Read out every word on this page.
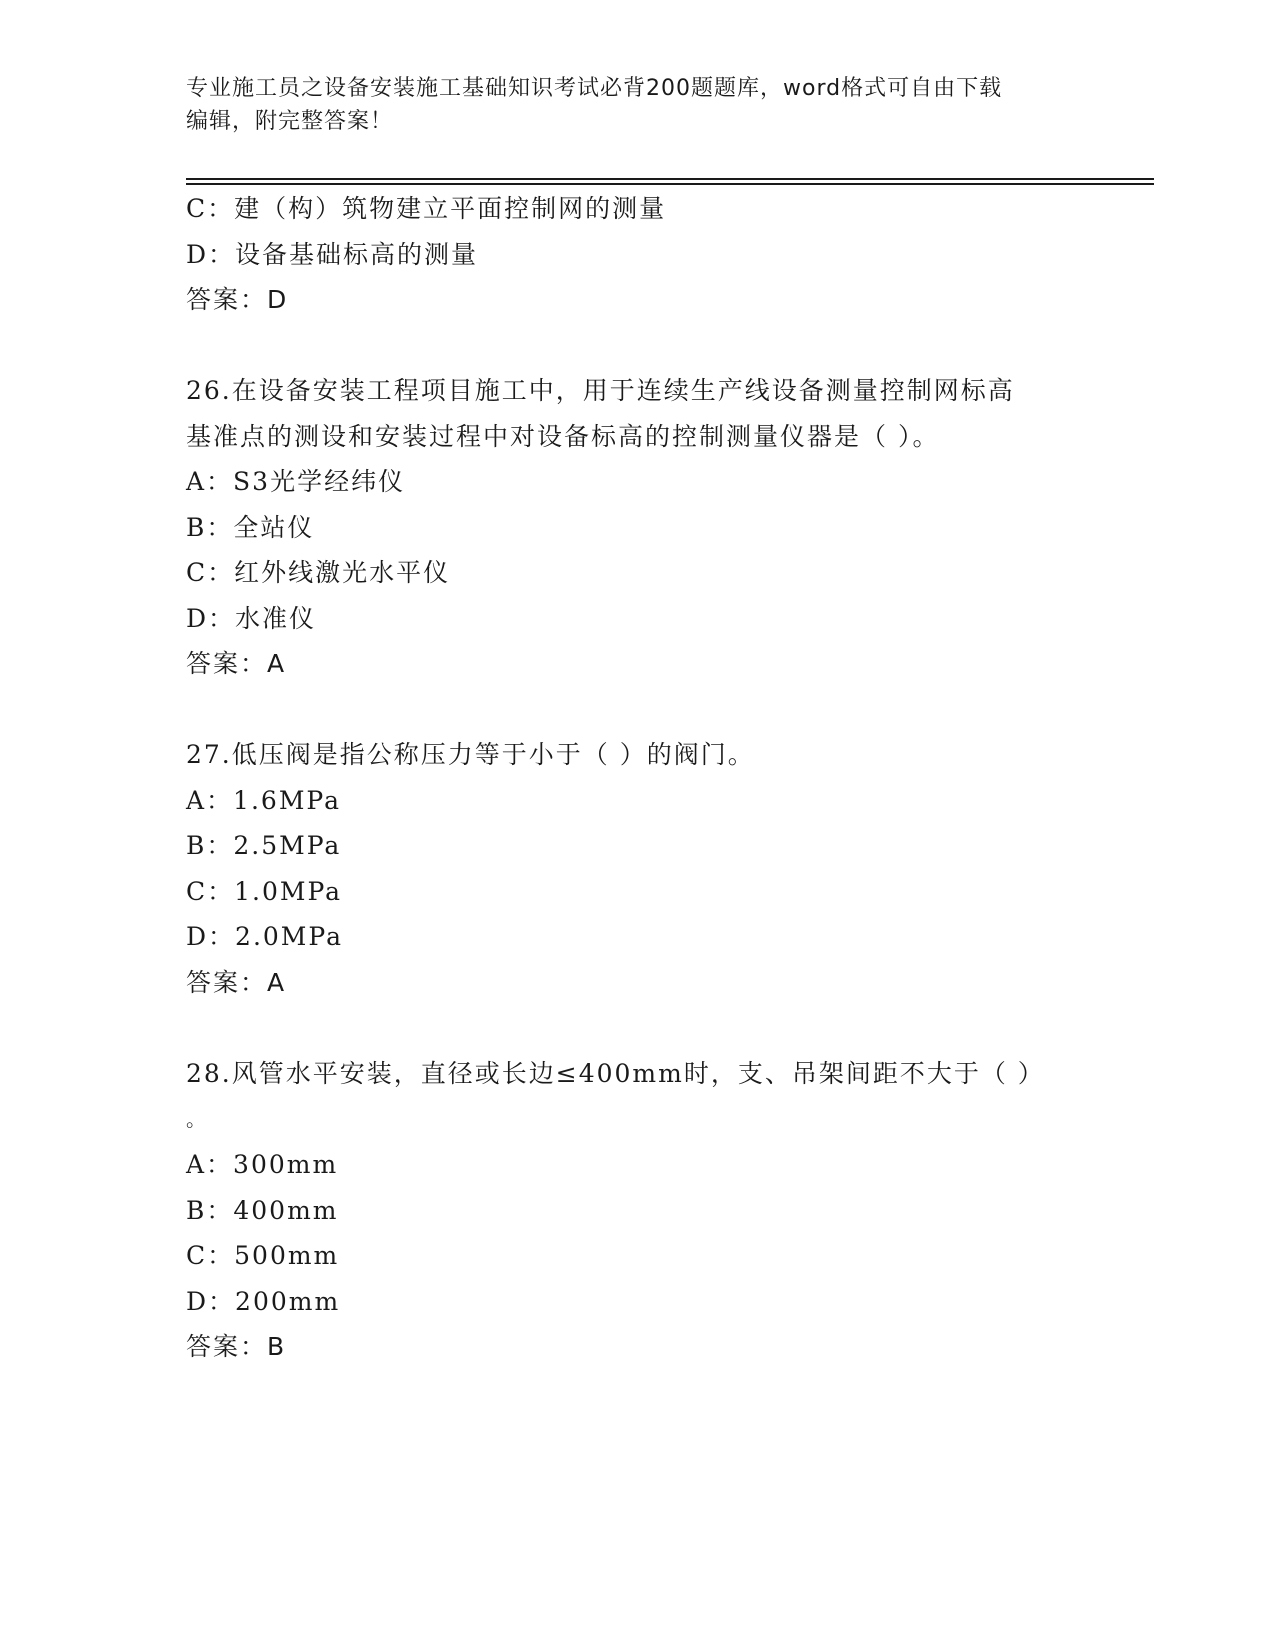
专业施工员之设备安装施工基础知识考试必背200题题库，word格式可自由下载
编辑，附完整答案！
C：建（构）筑物建立平面控制网的测量
D：设备基础标高的测量
答案：D
26.在设备安装工程项目施工中，用于连续生产线设备测量控制网标高
基准点的测设和安装过程中对设备标高的控制测量仪器是（ ）。
A：S3光学经纬仪
B：全站仪
C：红外线激光水平仪
D：水准仪
答案：A
27.低压阀是指公称压力等于小于（ ）的阀门。
A：1.6MPa
B：2.5MPa
C：1.0MPa
D：2.0MPa
答案：A
28.风管水平安装，直径或长边≤400mm时，支、吊架间距不大于（ ）
。
A：300mm
B：400mm
C：500mm
D：200mm
答案：B
